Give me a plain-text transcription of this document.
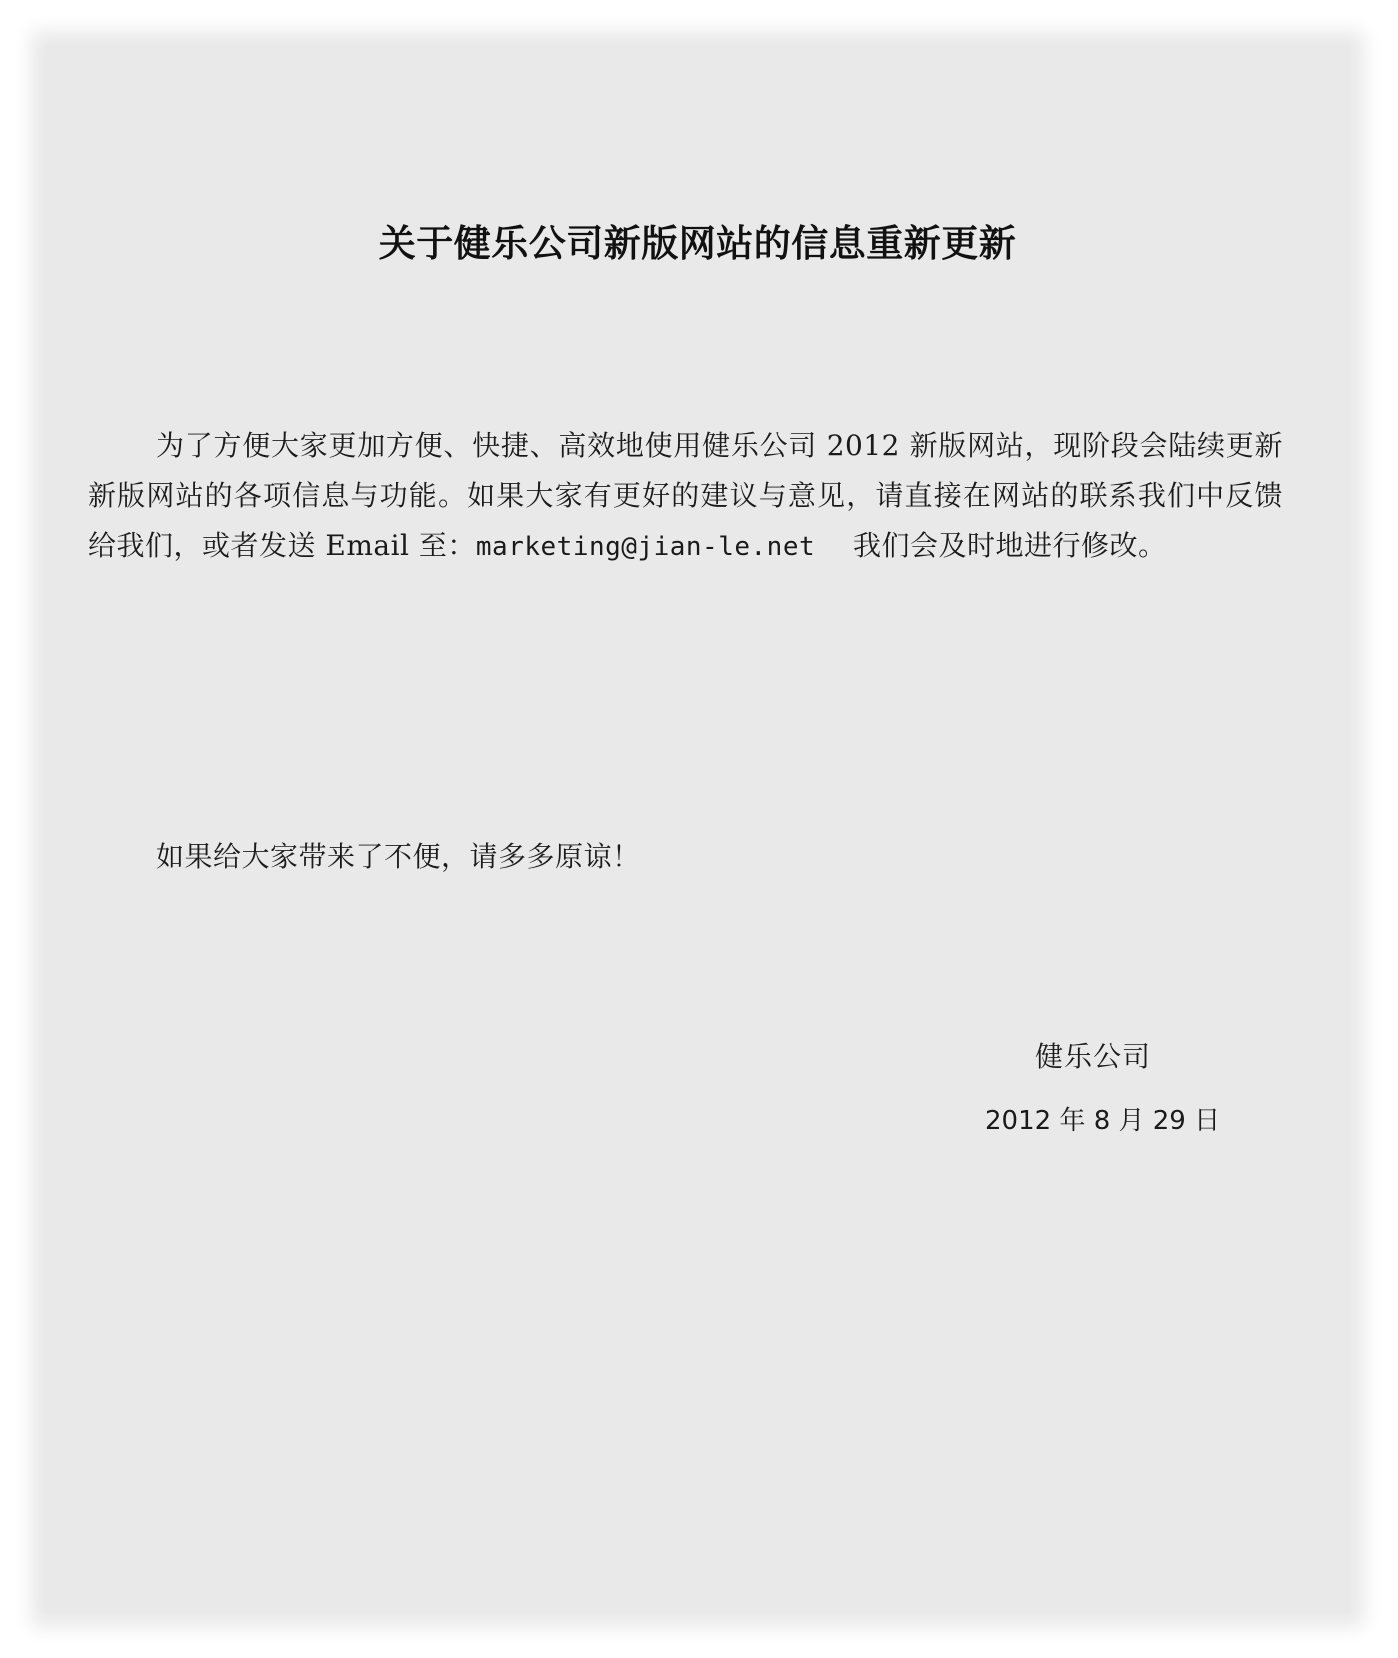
关于健乐公司新版网站的信息重新更新
为了方便大家更加方便、快捷、高效地使用健乐公司 2012 新版网站，现阶段会陆续更新新版网站的各项信息与功能。如果大家有更好的建议与意见，请直接在网站的联系我们中反馈给我们，或者发送 Email 至：marketing@jian-le.net　 我们会及时地进行修改。
如果给大家带来了不便，请多多原谅！
健乐公司
2012 年 8 月 29 日
